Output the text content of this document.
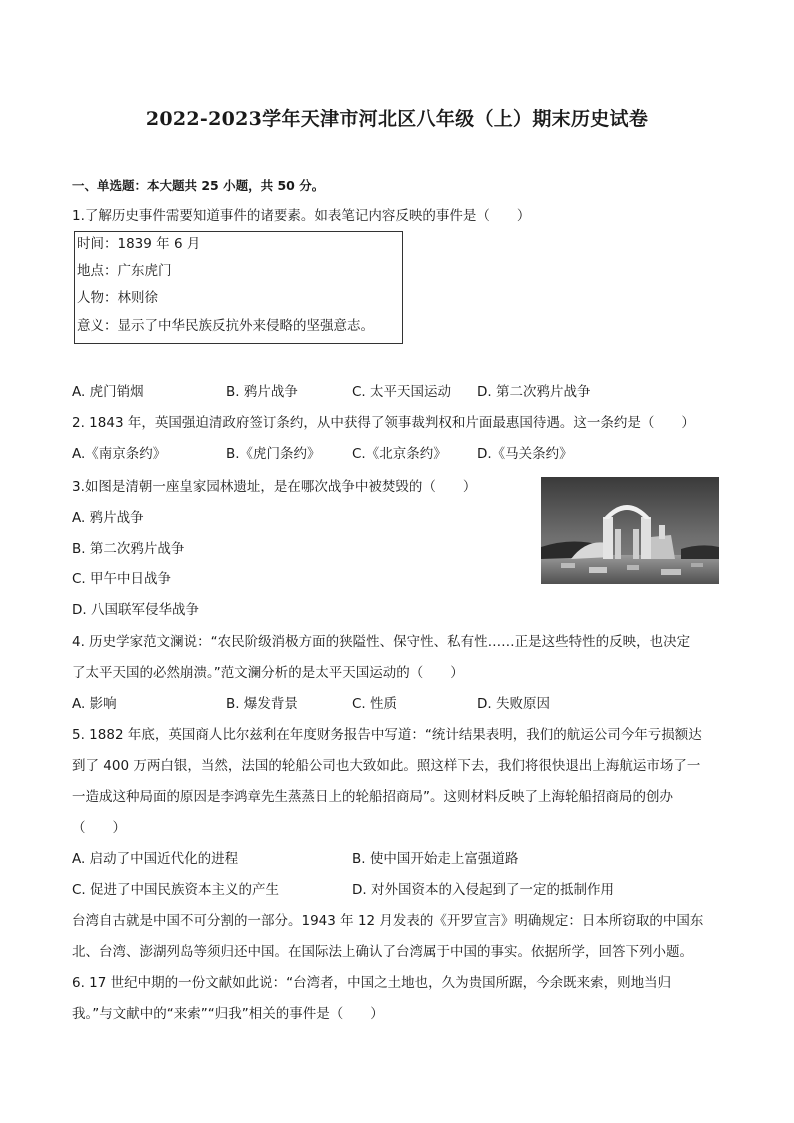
2022-2023学年天津市河北区八年级（上）期末历史试卷
一、单选题：本大题共 25 小题，共 50 分。
1.了解历史事件需要知道事件的诸要素。如表笔记内容反映的事件是（　　）
时间：1839 年 6 月
地点：广东虎门
人物：林则徐
意义：显示了中华民族反抗外来侵略的坚强意志。
A. 虎门销烟	B. 鸦片战争	C. 太平天国运动 D. 第二次鸦片战争
2. 1843 年，英国强迫清政府签订条约，从中获得了领事裁判权和片面最惠国待遇。这一条约是（　　）
A.《南京条约》	B.《虎门条约》 C.《北京条约》 D.《马关条约》
3.如图是清朝一座皇家园林遗址，是在哪次战争中被焚毁的（　　）
A. 鸦片战争
B. 第二次鸦片战争
C. 甲午中日战争
D. 八国联军侵华战争
4. 历史学家范文澜说：“农民阶级消极方面的狭隘性、保守性、私有性……正是这些特性的反映，也决定
了太平天国的必然崩溃。”范文澜分析的是太平天国运动的（　　）
A. 影响	B. 爆发背景	C. 性质	D. 失败原因
5. 1882 年底，英国商人比尔兹利在年度财务报告中写道：“统计结果表明，我们的航运公司今年亏损额达
到了 400 万两白银，当然，法国的轮船公司也大致如此。照这样下去，我们将很快退出上海航运市场了一
一造成这种局面的原因是李鸿章先生蒸蒸日上的轮船招商局”。这则材料反映了上海轮船招商局的创办
（　　）
A. 启动了中国近代化的进程	B. 使中国开始走上富强道路
C. 促进了中国民族资本主义的产生	D. 对外国资本的入侵起到了一定的抵制作用
台湾自古就是中国不可分割的一部分。1943 年 12 月发表的《开罗宣言》明确规定：日本所窃取的中国东
北、台湾、澎湖列岛等须归还中国。在国际法上确认了台湾属于中国的事实。依据所学，回答下列小题。
6. 17 世纪中期的一份文献如此说：“台湾者，中国之土地也，久为贵国所踞，今余既来索，则地当归
我。”与文献中的“来索”“归我”相关的事件是（　　）
